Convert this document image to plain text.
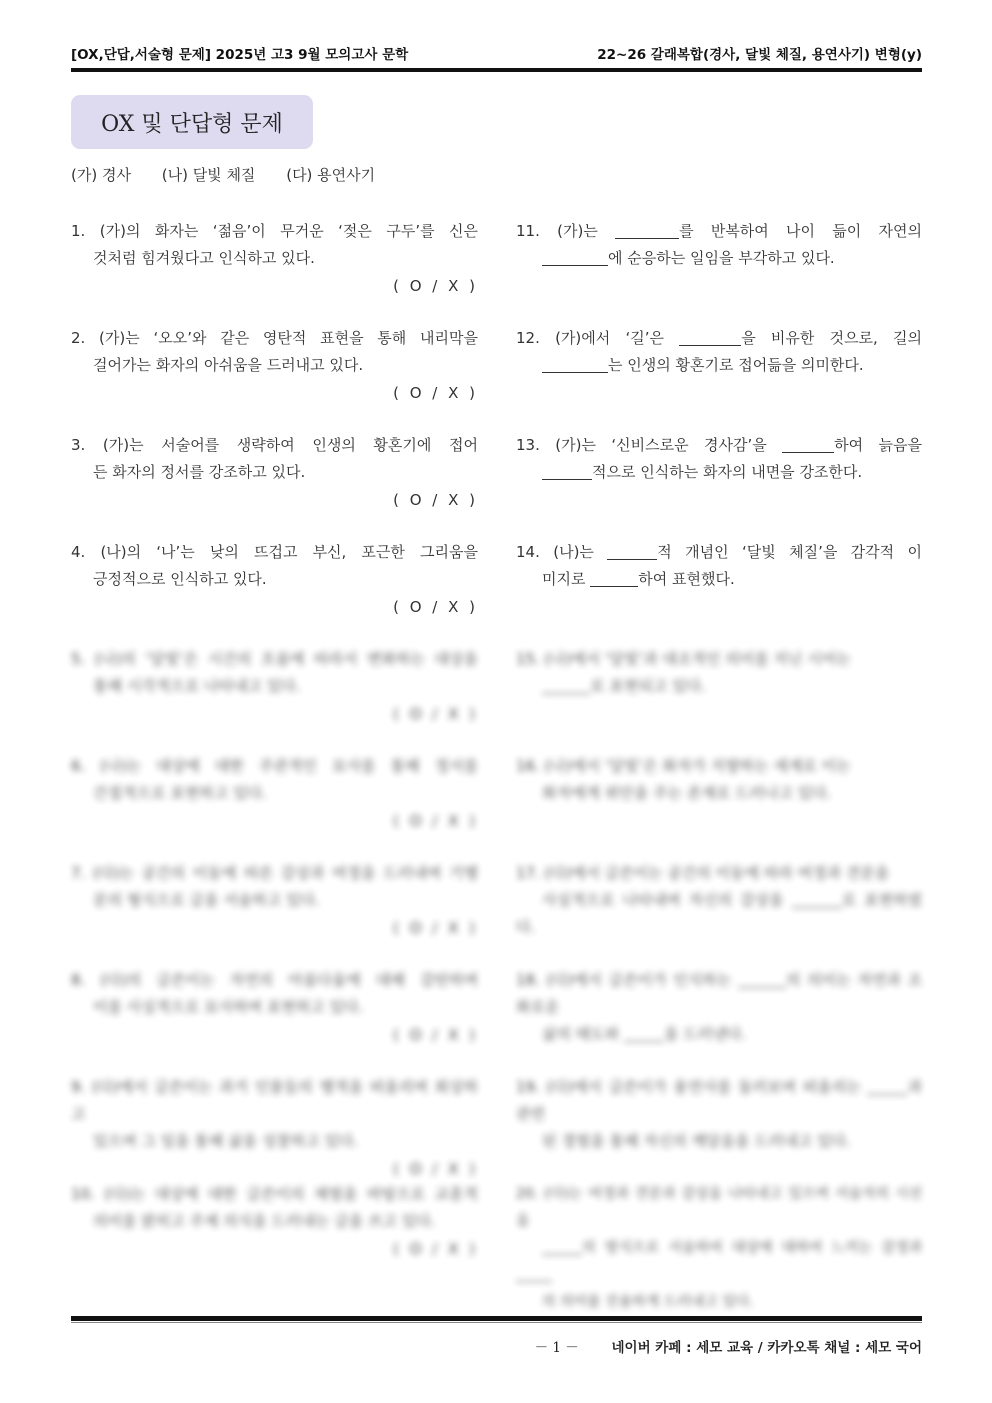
[OX,단답,서술형 문제] 2025년 고3 9월 모의고사 문학	22~26 갈래복합(경사, 달빛 체질, 용연사기) 변형(y)
OX 및 단답형 문제
(가) 경사 (나) 달빛 체질 (다) 용연사기

1. (가)의 화자는 ‘젊음’이 무거운 ‘젖은 구두’를 신은

것처럼 힘겨웠다고 인식하고 있다.

( O / X )

2. (가)는 ‘오오’와 같은 영탄적 표현을 통해 내리막을

걸어가는 화자의 아쉬움을 드러내고 있다.

( O / X )

3. (가)는 서술어를 생략하여 인생의 황혼기에 접어

든 화자의 정서를 강조하고 있다.

( O / X )

4. (나)의 ‘나’는 낮의 뜨겁고 부신, 포근한 그리움을

긍정적으로 인식하고 있다.

( O / X )

5. (나)의 ‘달빛’은 시간의 흐름에 따라서 변화하는 대상을

통해 시각적으로 나타내고 있다.

( O / X )

6. (나)는 대상에 대한 주관적인 묘사를 통해 정서를

간접적으로 표현하고 있다.

( O / X )

7. (다)는 공간의 이동에 따른 감상과 여정을 드러내며 기행

문의 형식으로 글을 서술하고 있다.

( O / X )

8. (다)의 글쓴이는 자연의 아름다움에 대해 감탄하며

이를 사실적으로 묘사하며 표현하고 있다.

( O / X )

9. (다)에서 글쓴이는 과거 인물들의 행적을 떠올리며 회상하고

있으며 그 일을 통해 삶을 성찰하고 있다.

( O / X )

10. (다)는 대상에 대한 글쓴이의 체험을 바탕으로 교훈적

의미를 밝히고 주제 의식을 드러내는 글을 쓰고 있다.

( O / X )

11. (가)는	를 반복하여 나이 듦이 자연의

에 순응하는 일임을 부각하고 있다.

12. (가)에서 ‘길’은	을 비유한 것으로, 길의

는 인생의 황혼기로 접어듦을 의미한다.

13. (가)는 ‘신비스로운 경사감’을	하여 늙음을

적으로 인식하는 화자의 내면을 강조한다.

14. (나)는	적 개념인 ‘달빛 체질’을 감각적 이

미지로	하여 표현했다.

15. (나)에서 ‘달빛’과 대조적인 의미를 지닌 시어는

로 표현되고 있다.

16. (나)에서 ‘달빛’은 화자가 지향하는 세계로 이는

화자에게 위안을 주는 존재로 드러나고 있다.

17. (다)에서 글쓴이는 공간의 이동에 따라 여정과 견문을

사실적으로 나타내며 자신의 감상을	로 표현하였다.

18. (다)에서 글쓴이가 인식하는	의 의미는 자연과 조화로운

삶의 태도와	을 드러낸다.

19. (다)에서 글쓴이가 용연사를 둘러보며 떠올리는	과 관련

된 경험을 통해 자신의 깨달음을 드러내고 있다.

20. (다)는 여정과 견문과 감상을 나타내고 있으며 서술자의 시선을

의 방식으로 서술하여 대상에 대하여 느끼는 감정과

의 의미를 진솔하게 드러내고 있다.

－ 1 － 네이버 카페 : 세모 교육 / 카카오톡 채널 : 세모 국어
